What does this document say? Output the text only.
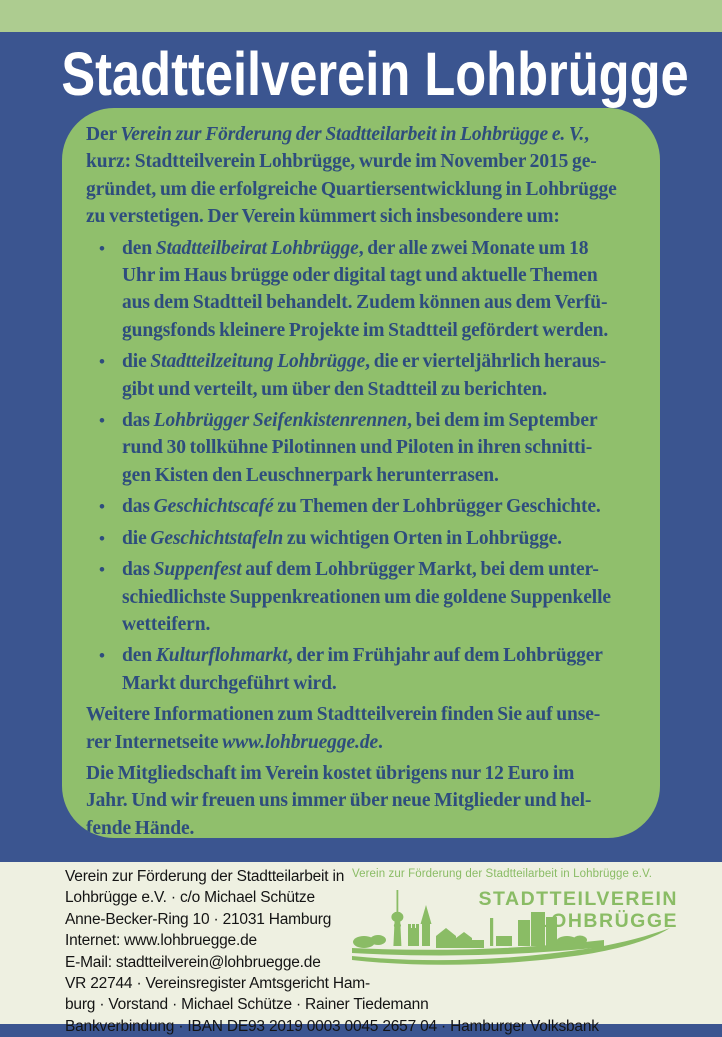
Stadtteilverein Lohbrügge
Der Verein zur Förderung der Stadtteilarbeit in Lohbrügge e. V.,
kurz: Stadtteilverein Lohbrügge, wurde im November 2015 ge-
gründet, um die erfolgreiche Quartiersentwicklung in Lohbrügge
zu verstetigen. Der Verein kümmert sich insbesondere um:
• den Stadtteilbeirat Lohbrügge, der alle zwei Monate um 18
Uhr im Haus brügge oder digital tagt und aktuelle Themen
aus dem Stadtteil behandelt. Zudem können aus dem Verfü-
gungsfonds kleinere Projekte im Stadtteil gefördert werden.
• die Stadtteilzeitung Lohbrügge, die er vierteljährlich heraus-
gibt und verteilt, um über den Stadtteil zu berichten.
• das Lohbrügger Seifenkistenrennen, bei dem im September
rund 30 tollkühne Pilotinnen und Piloten in ihren schnitti-
gen Kisten den Leuschnerpark herunterrasen.
• das Geschichtscafé zu Themen der Lohbrügger Geschichte.
• die Geschichtstafeln zu wichtigen Orten in Lohbrügge.
• das Suppenfest auf dem Lohbrügger Markt, bei dem unter-
schiedlichste Suppenkreationen um die goldene Suppenkelle
wetteifern.
• den Kulturflohmarkt, der im Frühjahr auf dem Lohbrügger
Markt durchgeführt wird.
Weitere Informationen zum Stadtteilverein finden Sie auf unse-
rer Internetseite www.lohbruegge.de.
Die Mitgliedschaft im Verein kostet übrigens nur 12 Euro im
Jahr. Und wir freuen uns immer über neue Mitglieder und hel-
fende Hände.
Verein zur Förderung der Stadtteilarbeit in
Lohbrügge e.V. · c/o Michael Schütze
Anne-Becker-Ring 10 · 21031 Hamburg
Internet: www.lohbruegge.de
E-Mail: stadtteilverein@lohbruegge.de
VR 22744 · Vereinsregister Amtsgericht Ham-
burg · Vorstand · Michael Schütze · Rainer Tiedemann
Bankverbindung · IBAN DE93 2019 0003 0045 2657 04 · Hamburger Volksbank
Verein zur Förderung der Stadtteilarbeit in Lohbrügge e.V.
STADTTEILVEREIN
LOHBRÜGGE
